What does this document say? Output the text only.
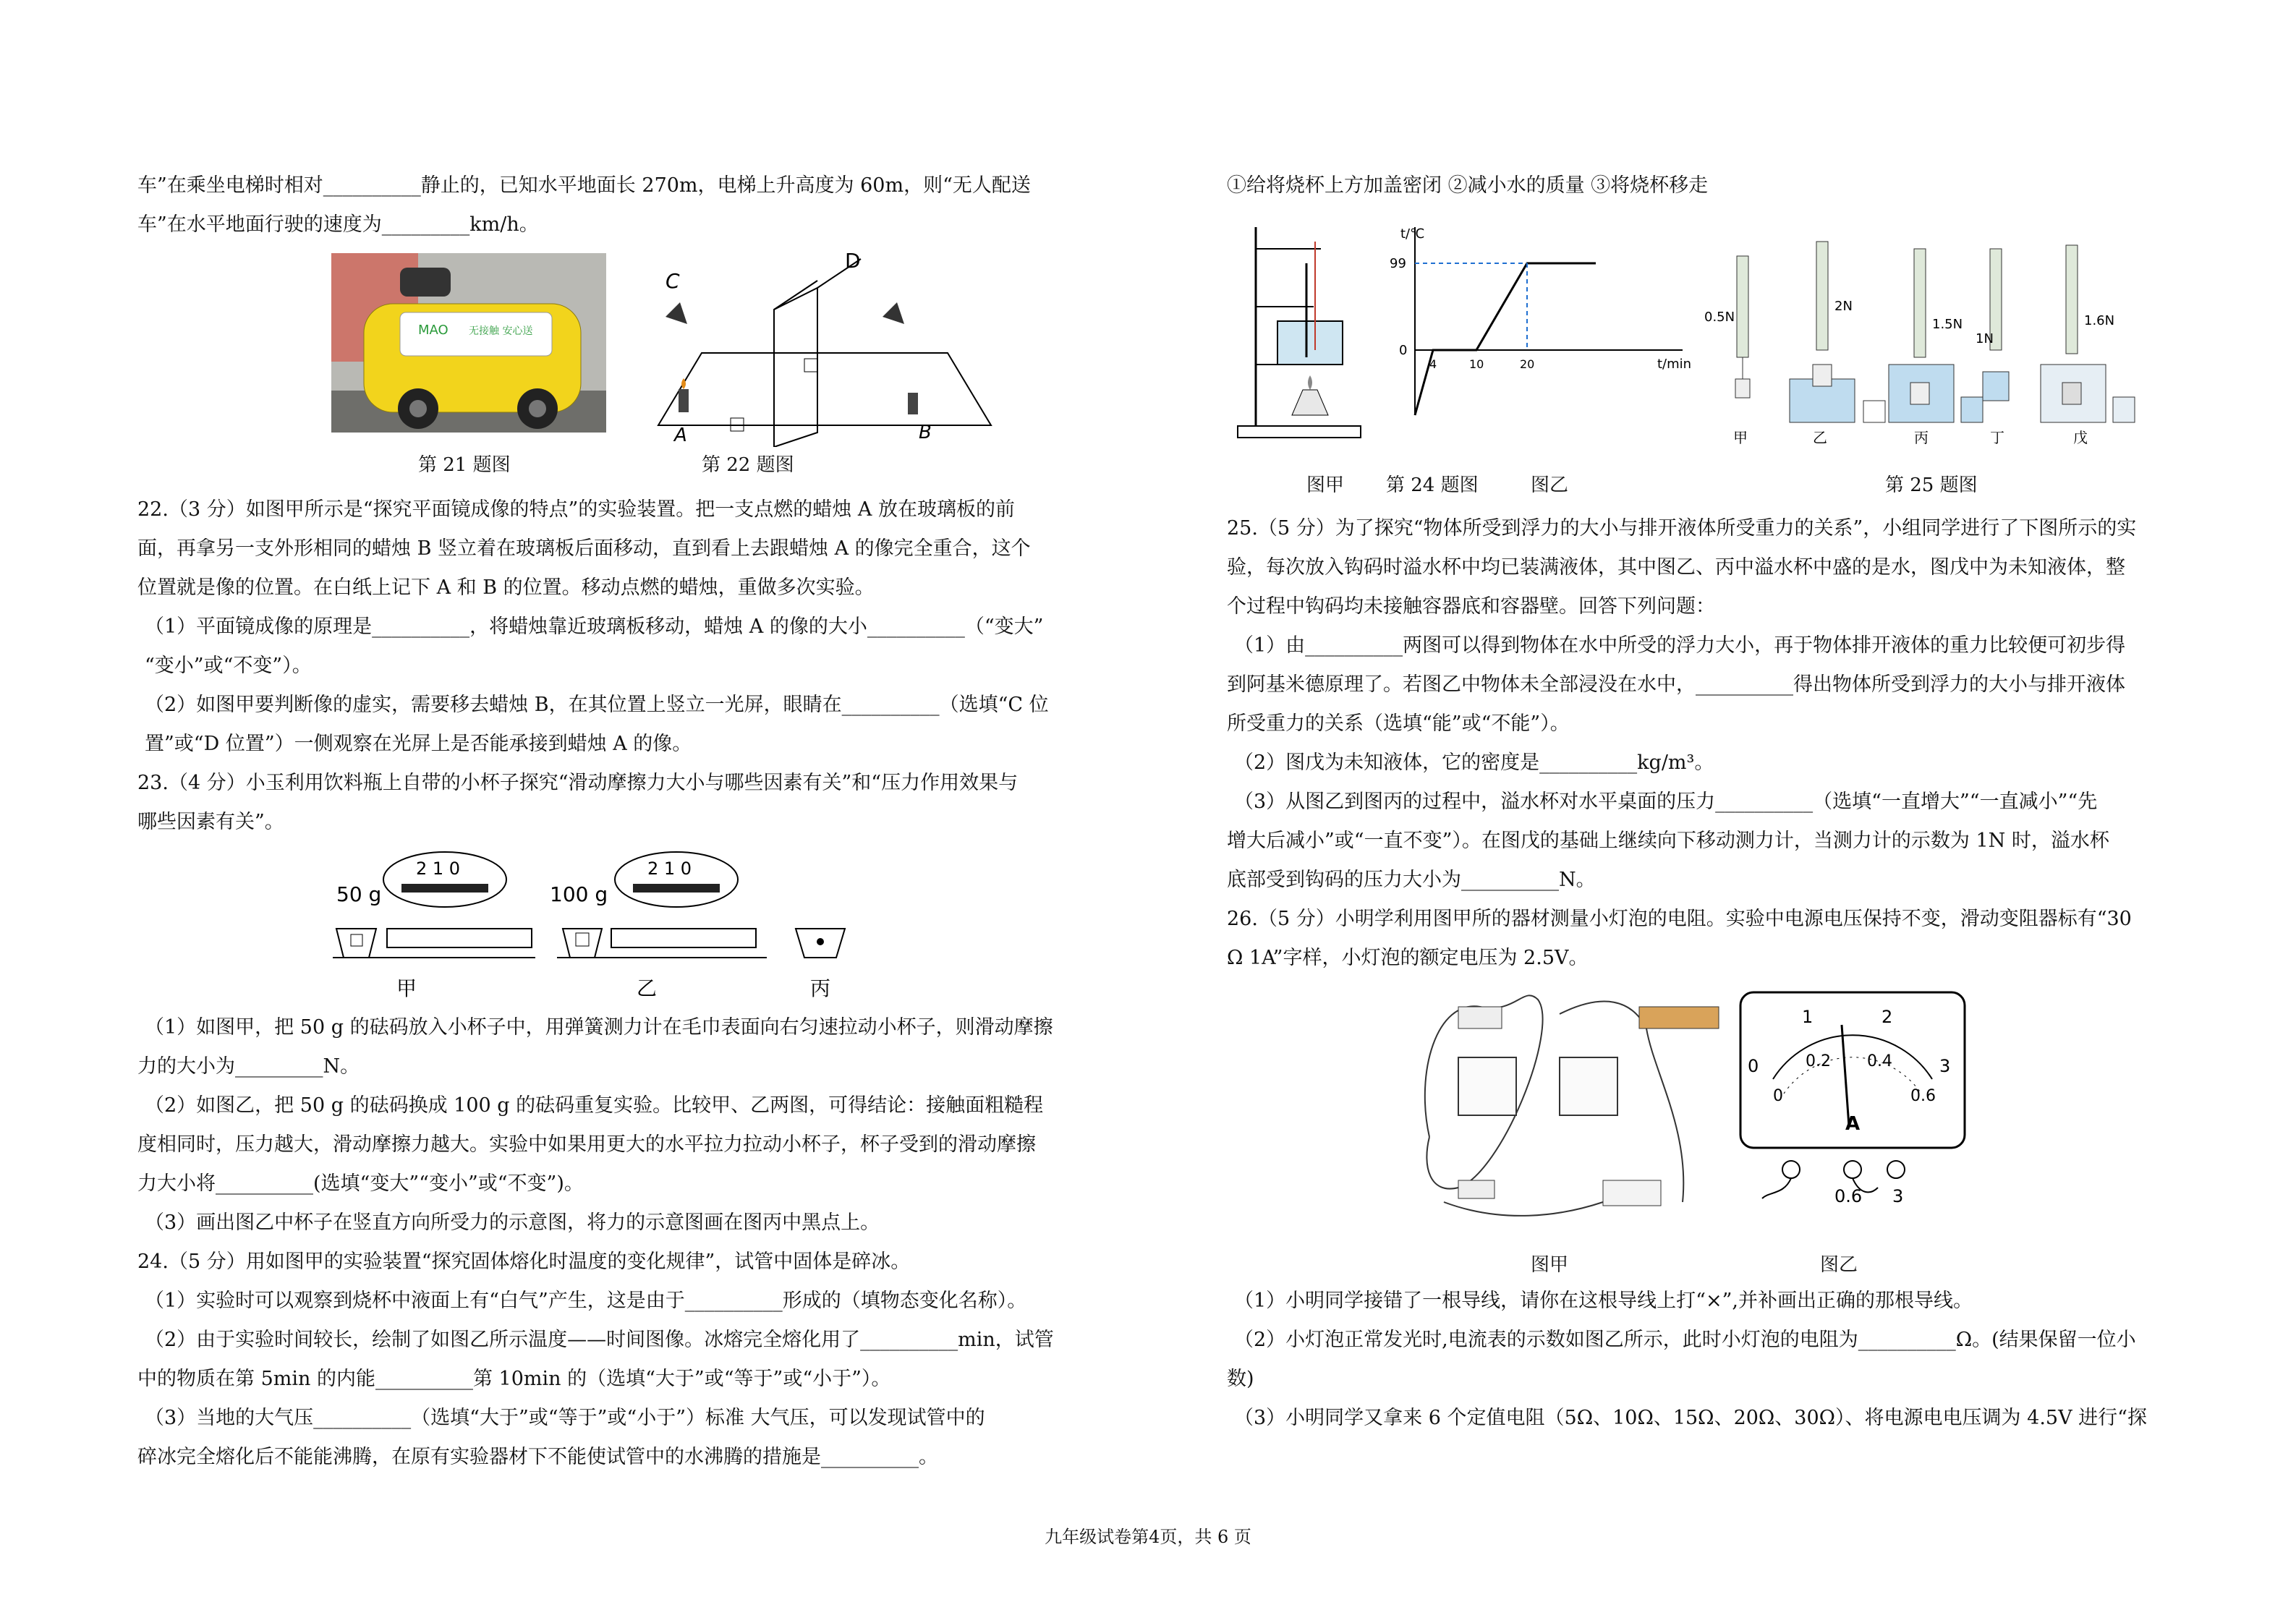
车”在乘坐电梯时相对__________静止的，已知水平地面长 270m，电梯上升高度为 60m，则“无人配送

车”在水平地面行驶的速度为_________km/h。

MAO 无接触 安心送
第 21 题图
C
D
A	B
第 22 题图

22.（3 分）如图甲所示是“探究平面镜成像的特点”的实验装置。把一支点燃的蜡烛 A 放在玻璃板的前

面，再拿另一支外形相同的蜡烛 B 竖立着在玻璃板后面移动，直到看上去跟蜡烛 A 的像完全重合，这个

位置就是像的位置。在白纸上记下 A 和 B 的位置。移动点燃的蜡烛，重做多次实验。

（1）平面镜成像的原理是__________，将蜡烛靠近玻璃板移动，蜡烛 A 的像的大小__________（“变大”

“变小”或“不变”）。

（2）如图甲要判断像的虚实，需要移去蜡烛 B，在其位置上竖立一光屏，眼睛在__________（选填“C 位

置”或“D 位置”）一侧观察在光屏上是否能承接到蜡烛 A 的像。

23.（4 分）小玉利用饮料瓶上自带的小杯子探究“滑动摩擦力大小与哪些因素有关”和“压力作用效果与

哪些因素有关”。

50 g	100 g
2 1 0	2 1 0
甲	乙	丙

（1）如图甲，把 50 g 的砝码放入小杯子中，用弹簧测力计在毛巾表面向右匀速拉动小杯子，则滑动摩擦

力的大小为_________N。

（2）如图乙，把 50 g 的砝码换成 100 g 的砝码重复实验。比较甲、乙两图，可得结论：接触面粗糙程

度相同时，压力越大，滑动摩擦力越大。实验中如果用更大的水平拉力拉动小杯子，杯子受到的滑动摩擦

力大小将__________(选填“变大”“变小”或“不变”)。

（3）画出图乙中杯子在竖直方向所受力的示意图，将力的示意图画在图丙中黑点上。

24.（5 分）用如图甲的实验装置“探究固体熔化时温度的变化规律”，试管中固体是碎冰。

（1）实验时可以观察到烧杯中液面上有“白气”产生，这是由于__________形成的（填物态变化名称）。

（2）由于实验时间较长，绘制了如图乙所示温度——时间图像。冰熔完全熔化用了__________min，试管

中的物质在第 5min 的内能__________第 10min 的（选填“大于”或“等于”或“小于”）。

（3）当地的大气压__________（选填“大于”或“等于”或“小于”）标准 大气压，可以发现试管中的

碎冰完全熔化后不能能沸腾，在原有实验器材下不能使试管中的水沸腾的措施是__________。

①给将烧杯上方加盖密闭 ②减小水的质量 ③将烧杯移走

t/℃
t/min
99
0
4	10	20
0.5N
2N
1.5N
1N
1.6N
甲	乙	丙	丁	戊
图甲 第 24 题图	图乙	第 25 题图

25.（5 分）为了探究“物体所受到浮力的大小与排开液体所受重力的关系”，小组同学进行了下图所示的实

验，每次放入钩码时溢水杯中均已装满液体，其中图乙、丙中溢水杯中盛的是水，图戊中为未知液体，整

个过程中钩码均未接触容器底和容器壁。回答下列问题：

（1）由__________两图可以得到物体在水中所受的浮力大小，再于物体排开液体的重力比较便可初步得

到阿基米德原理了。若图乙中物体未全部浸没在水中，__________得出物体所受到浮力的大小与排开液体

所受重力的关系（选填“能”或“不能”）。

（2）图戊为未知液体，它的密度是__________kg/m³。

（3）从图乙到图丙的过程中，溢水杯对水平桌面的压力__________（选填“一直增大”“一直减小”“先

增大后减小”或“一直不变”）。在图戊的基础上继续向下移动测力计，当测力计的示数为 1N 时，溢水杯

底部受到钩码的压力大小为__________N。

26.（5 分）小明学利用图甲所的器材测量小灯泡的电阻。实验中电源电压保持不变，滑动变阻器标有“30

Ω 1A”字样，小灯泡的额定电压为 2.5V。

0
1	2
3
0
0.2 0.4
0.6
A
0.6 3
图甲	图乙

（1）小明同学接错了一根导线，请你在这根导线上打“×”,并补画出正确的那根导线。

（2）小灯泡正常发光时,电流表的示数如图乙所示，此时小灯泡的电阻为__________Ω。(结果保留一位小

数)

（3）小明同学又拿来 6 个定值电阻（5Ω、10Ω、15Ω、20Ω、30Ω）、将电源电电压调为 4.5V 进行“探

九年级试卷第4页，共 6 页
